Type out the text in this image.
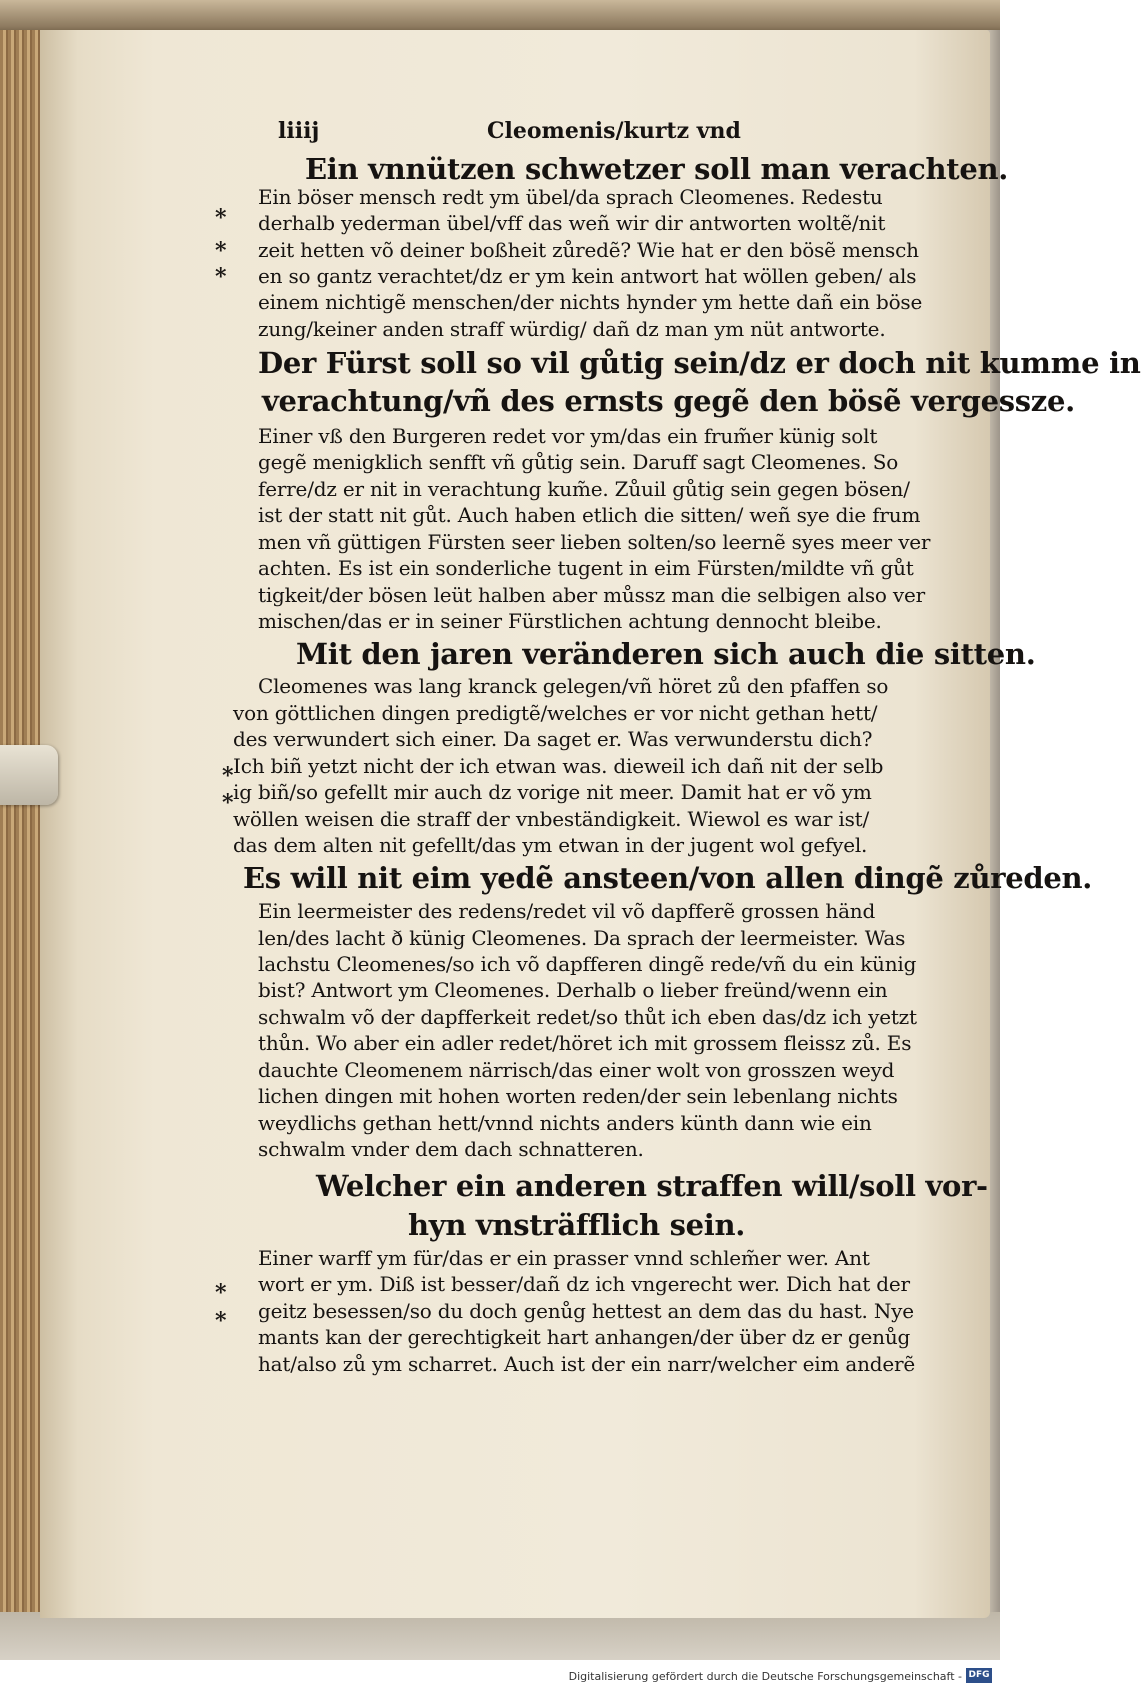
liiij	Cleomenis/kurtz vnd
Ein vnnützen schwetzer soll man verachten.
Ein böser mensch redt ym übel/da sprach Cleomenes. Redestu
derhalb yederman übel/vff das weñ wir dir antworten woltẽ/nit
zeit hetten võ deiner boßheit zůredẽ? Wie hat er den bösẽ mensch
en so gantz verachtet/dz er ym kein antwort hat wöllen geben/ als
einem nichtigẽ menschen/der nichts hynder ym hette dañ ein böse
zung/keiner anden straff würdig/ dañ dz man ym nüt antworte.
Der Fürst soll so vil gůtig sein/dz er doch nit kumme in
verachtung/vñ des ernsts gegẽ den bösẽ vergessze.
Einer vß den Burgeren redet vor ym/das ein frum̃er künig solt
gegẽ menigklich senfft vñ gůtig sein. Daruff sagt Cleomenes. So
ferre/dz er nit in verachtung kum̃e. Zůuil gůtig sein gegen bösen/
ist der statt nit gůt. Auch haben etlich die sitten/ weñ sye die frum
men vñ güttigen Fürsten seer lieben solten/so leernẽ syes meer ver
achten. Es ist ein sonderliche tugent in eim Fürsten/mildte vñ gůt
tigkeit/der bösen leüt halben aber můssz man die selbigen also ver
mischen/das er in seiner Fürstlichen achtung dennocht bleibe.
Mit den jaren veränderen sich auch die sitten.
Cleomenes was lang kranck gelegen/vñ höret zů den pfaffen so
von göttlichen dingen predigtẽ/welches er vor nicht gethan hett/
des verwundert sich einer. Da saget er. Was verwunderstu dich?
Ich biñ yetzt nicht der ich etwan was. dieweil ich dañ nit der selb
ig biñ/so gefellt mir auch dz vorige nit meer. Damit hat er võ ym
wöllen weisen die straff der vnbeständigkeit. Wiewol es war ist/
das dem alten nit gefellt/das ym etwan in der jugent wol gefyel.
Es will nit eim yedẽ ansteen/von allen dingẽ zůreden.
Ein leermeister des redens/redet vil võ dapfferẽ grossen händ
len/des lacht ð künig Cleomenes. Da sprach der leermeister. Was
lachstu Cleomenes/so ich võ dapfferen dingẽ rede/vñ du ein künig
bist? Antwort ym Cleomenes. Derhalb o lieber freünd/wenn ein
schwalm võ der dapfferkeit redet/so thůt ich eben das/dz ich yetzt
thůn. Wo aber ein adler redet/höret ich mit grossem fleissz zů. Es
dauchte Cleomenem närrisch/das einer wolt von grosszen weyd
lichen dingen mit hohen worten reden/der sein lebenlang nichts
weydlichs gethan hett/vnnd nichts anders künth dann wie ein
schwalm vnder dem dach schnatteren.
Welcher ein anderen straffen will/soll vor-
hyn vnsträfflich sein.
Einer warff ym für/das er ein prasser vnnd schlem̃er wer. Ant
wort er ym. Diß ist besser/dañ dz ich vngerecht wer. Dich hat der
geitz besessen/so du doch genůg hettest an dem das du hast. Nye
mants kan der gerechtigkeit hart anhangen/der über dz er genůg
hat/also zů ym scharret. Auch ist der ein narr/welcher eim anderẽ
*
*
*
*
*
*
*
Digitalisierung gefördert durch die Deutsche Forschungsgemeinschaft - DFG
